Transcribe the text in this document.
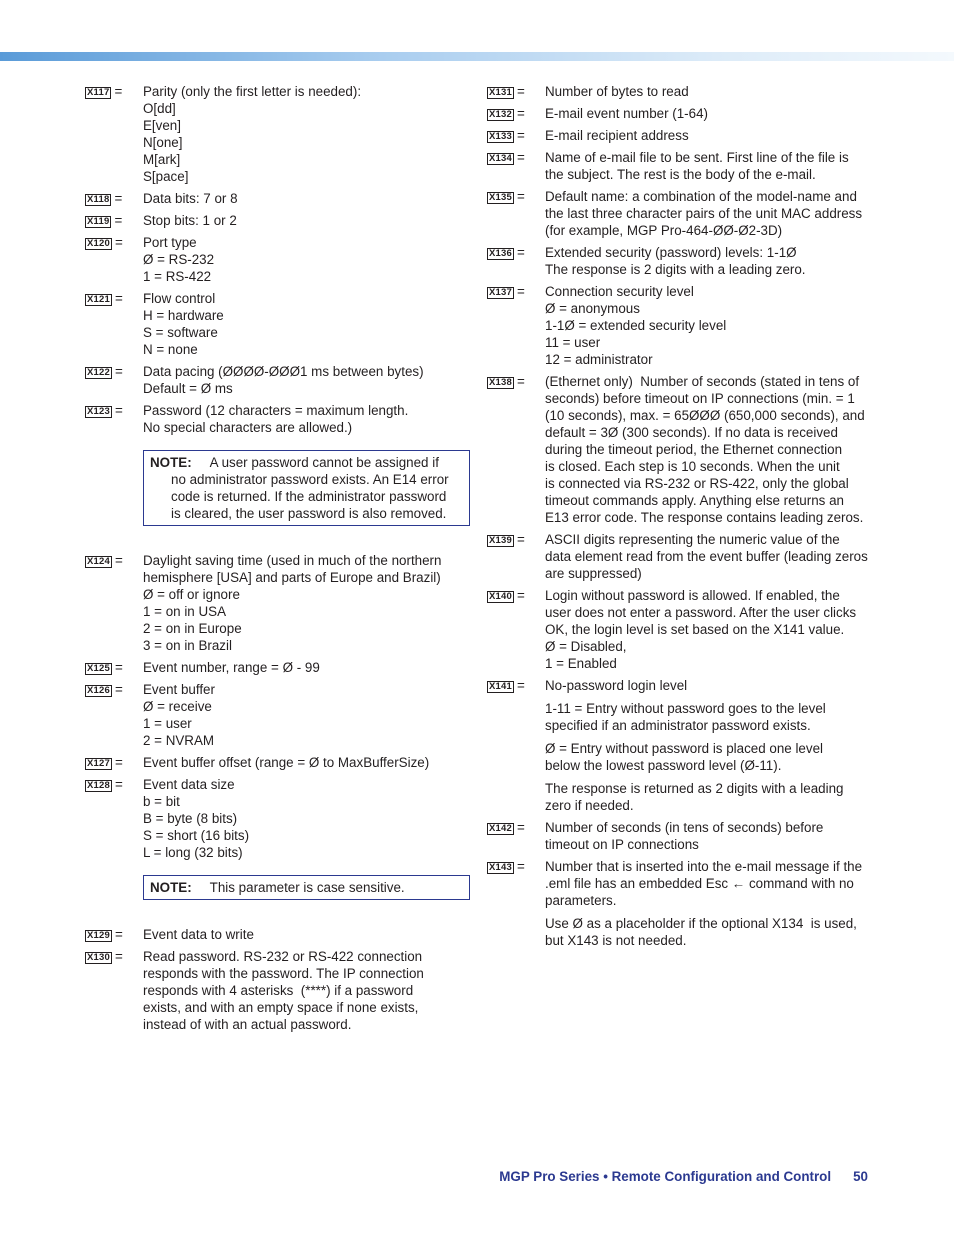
X117 =	Parity (only the first letter is needed):
O[dd]
E[ven]
N[one]
M[ark]
S[pace]
X118 =	Data bits: 7 or 8
X119 =	Stop bits: 1 or 2
X120 =	Port type
Ø = RS-232
1 = RS-422
X121 =	Flow control
H = hardware
S = software
N = none
X122 =	Data pacing (ØØØØ-ØØØ1 ms between bytes)
Default = Ø ms
X123 =	Password (12 characters = maximum length.
No special characters are allowed.)
NOTE: A user password cannot be assigned if
no administrator password exists. An E14 error
code is returned. If the administrator password
is cleared, the user password is also removed.
X124 =	Daylight saving time (used in much of the northern
hemisphere [USA] and parts of Europe and Brazil)
Ø = off or ignore
1 = on in USA
2 = on in Europe
3 = on in Brazil
X125 =	Event number, range = Ø - 99
X126 =	Event buffer
Ø = receive
1 = user
2 = NVRAM
X127 =	Event buffer offset (range = Ø to MaxBufferSize)
X128 =	Event data size
b = bit
B = byte (8 bits)
S = short (16 bits)
L = long (32 bits)
NOTE: This parameter is case sensitive.
X129 =	Event data to write
X130 =	Read password. RS-232 or RS-422 connection
responds with the password. The IP connection
responds with 4 asterisks  (****) if a password
exists, and with an empty space if none exists,
instead of with an actual password.
X131 =	Number of bytes to read
X132 =	E-mail event number (1-64)
X133 =	E-mail recipient address
X134 =	Name of e-mail file to be sent. First line of the file is
the subject. The rest is the body of the e-mail.
X135 =	Default name: a combination of the model-name and
the last three character pairs of the unit MAC address
(for example, MGP Pro-464-ØØ-Ø2-3D)
X136 =	Extended security (password) levels: 1-1Ø
The response is 2 digits with a leading zero.
X137 =	Connection security level
Ø = anonymous
1-1Ø = extended security level
11 = user
12 = administrator
X138 =	(Ethernet only)  Number of seconds (stated in tens of
seconds) before timeout on IP connections (min. = 1
(10 seconds), max. = 65ØØØ (650,000 seconds), and
default = 3Ø (300 seconds). If no data is received
during the timeout period, the Ethernet connection
is closed. Each step is 10 seconds. When the unit
is connected via RS-232 or RS-422, only the global
timeout commands apply. Anything else returns an
E13 error code. The response contains leading zeros.
X139 =	ASCII digits representing the numeric value of the
data element read from the event buffer (leading zeros
are suppressed)
X140 =	Login without password is allowed. If enabled, the
user does not enter a password. After the user clicks
OK, the login level is set based on the X141 value.
Ø = Disabled,
1 = Enabled
X141 =	No-password login level
1-11 = Entry without password goes to the level
specified if an administrator password exists.
Ø = Entry without password is placed one level
below the lowest password level (Ø-11).
The response is returned as 2 digits with a leading
zero if needed.
X142 =	Number of seconds (in tens of seconds) before
timeout on IP connections
X143 =	Number that is inserted into the e-mail message if the
.eml file has an embedded Esc ← command with no
parameters.
Use Ø as a placeholder if the optional X134  is used,
but X143 is not needed.
MGP Pro Series • Remote Configuration and Control 50
